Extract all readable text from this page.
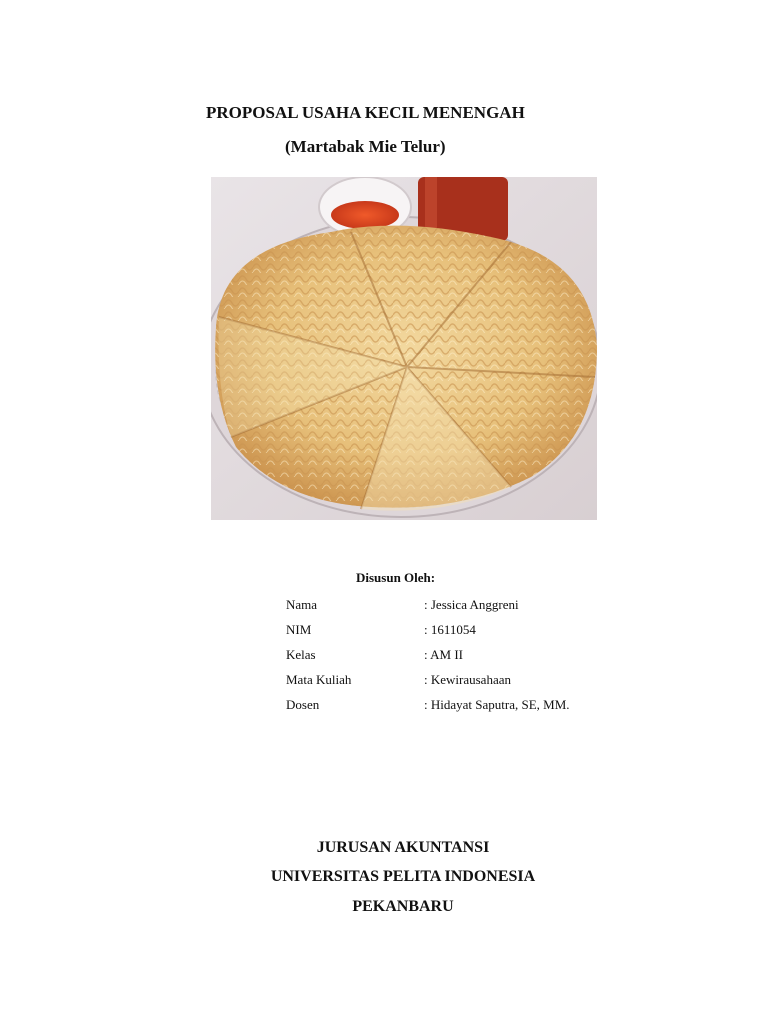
PROPOSAL USAHA KECIL MENENGAH
(Martabak Mie Telur)
Disusun Oleh:
Nama	: Jessica Anggreni
NIM	: 1611054
Kelas	: AM II
Mata Kuliah	: Kewirausahaan
Dosen	: Hidayat Saputra, SE, MM.
JURUSAN AKUNTANSI
UNIVERSITAS PELITA INDONESIA
PEKANBARU
